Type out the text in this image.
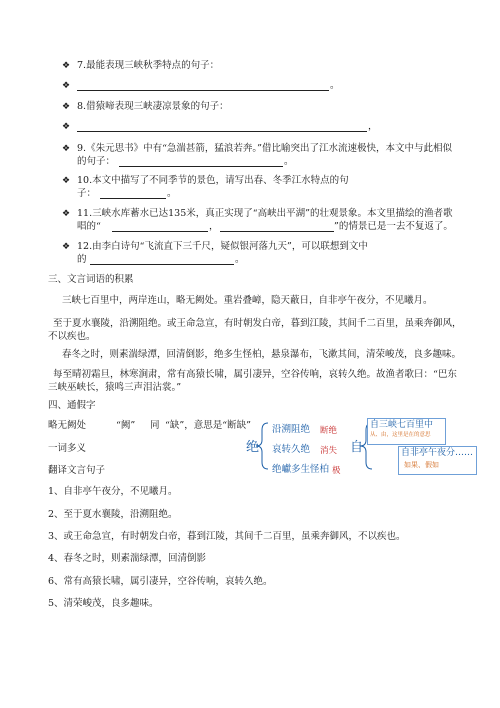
❖ 7.最能表现三峡秋季特点的句子：
❖	。
❖ 8.借猿啼表现三峡凄凉景象的句子：
❖	，
❖ 9.《朱元思书》中有“急湍甚箭，猛浪若奔。”借比喻突出了江水流速极快，本文中与此相似
的句子：	。
❖ 10.本文中描写了不同季节的景色，请写出春、冬季江水特点的句
子：	。
❖ 11.三峡水库蓄水已达135米，真正实现了“高峡出平湖”的壮观景象。本文里描绘的渔者歌
唱的“	，	”的情景已是一去不复返了。
❖ 12.由李白诗句“飞流直下三千尺，疑似银河落九天”，可以联想到文中
的	。
三、文言词语的积累
三峡七百里中，两岸连山，略无阙处。重岩叠嶂，隐天蔽日，自非亭午夜分，不见曦月。
至于夏水襄陵，沿溯阻绝。或王命急宣，有时朝发白帝，暮到江陵，其间千二百里，虽乘奔御风，
不以疾也。
春冬之时，则素湍绿潭，回清倒影，绝多生怪柏，悬泉瀑布，飞漱其间，清荣峻茂，良多趣味。
每至晴初霜旦，林寒涧肃，常有高猿长啸，属引凄异，空谷传响，哀转久绝。故渔者歌曰：“巴东
三峡巫峡长，猿鸣三声泪沾裳。”
四、通假字
略无阙处	“阙” 同 “缺”，意思是“断缺”
一词多义
翻译文言句子
1、自非亭午夜分，不见曦月。
2、至于夏水襄陵，沿溯阻绝。
3、或王命急宣，有时朝发白帝，暮到江陵，其间千二百里，虽乘奔御风，不以疾也。
4、春冬之时，则素湍绿潭，回清倒影
6、常有高猿长啸，属引凄异，空谷传响，哀转久绝。
5、清荣峻茂，良多趣味。
绝
沿溯阻绝 断绝
哀转久绝 消失
绝巘多生怪柏 极
自
自三峡七百里中
从、由，这里是在的意思
自非亭午夜分……
如果、假如
